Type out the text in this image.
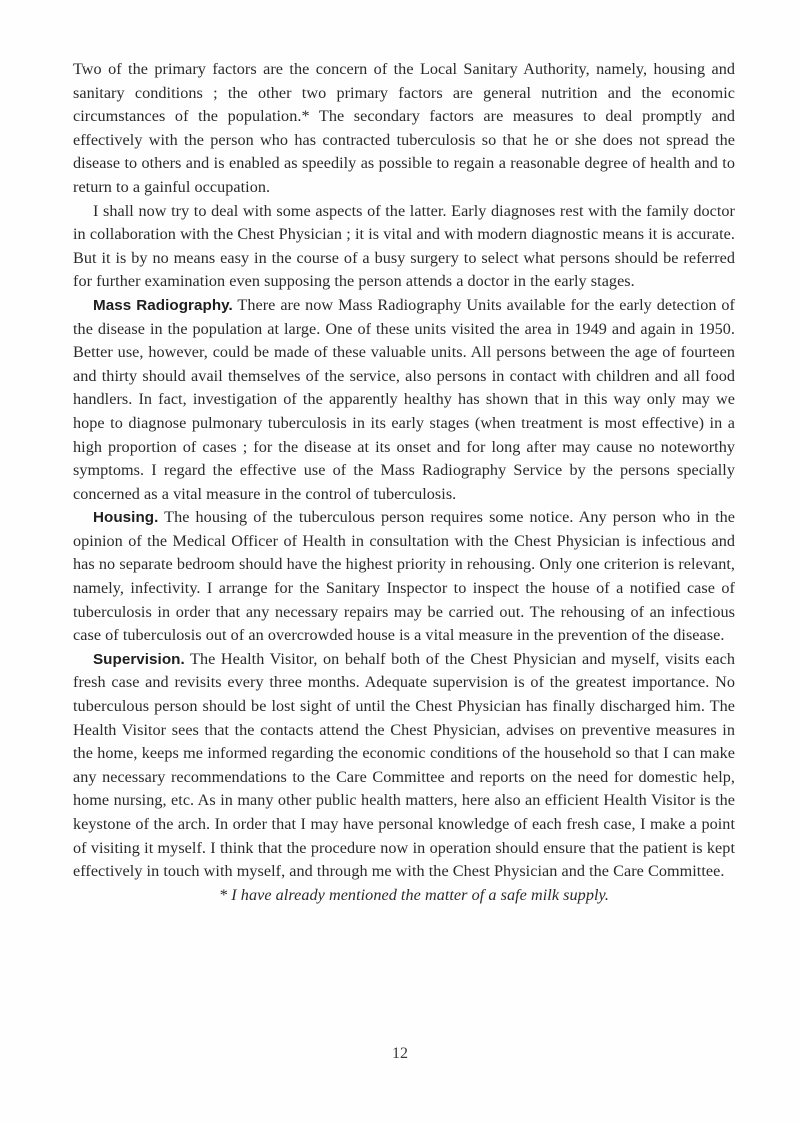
Two of the primary factors are the concern of the Local Sanitary Authority, namely, housing and sanitary conditions ; the other two primary factors are general nutrition and the economic circumstances of the population.* The secondary factors are measures to deal promptly and effectively with the person who has contracted tuberculosis so that he or she does not spread the disease to others and is enabled as speedily as possible to regain a reasonable degree of health and to return to a gainful occupation.

I shall now try to deal with some aspects of the latter. Early diagnoses rest with the family doctor in collaboration with the Chest Physician ; it is vital and with modern diagnostic means it is accurate. But it is by no means easy in the course of a busy surgery to select what persons should be referred for further examination even supposing the person attends a doctor in the early stages.

Mass Radiography. There are now Mass Radiography Units available for the early detection of the disease in the population at large. One of these units visited the area in 1949 and again in 1950. Better use, however, could be made of these valuable units. All persons between the age of fourteen and thirty should avail themselves of the service, also persons in contact with children and all food handlers. In fact, investigation of the apparently healthy has shown that in this way only may we hope to diagnose pulmonary tuberculosis in its early stages (when treatment is most effective) in a high proportion of cases ; for the disease at its onset and for long after may cause no noteworthy symptoms. I regard the effective use of the Mass Radiography Service by the persons specially concerned as a vital measure in the control of tuberculosis.

Housing. The housing of the tuberculous person requires some notice. Any person who in the opinion of the Medical Officer of Health in consultation with the Chest Physician is infectious and has no separate bedroom should have the highest priority in rehousing. Only one criterion is relevant, namely, infectivity. I arrange for the Sanitary Inspector to inspect the house of a notified case of tuberculosis in order that any necessary repairs may be carried out. The rehousing of an infectious case of tuberculosis out of an overcrowded house is a vital measure in the prevention of the disease.

Supervision. The Health Visitor, on behalf both of the Chest Physician and myself, visits each fresh case and revisits every three months. Adequate supervision is of the greatest importance. No tuberculous person should be lost sight of until the Chest Physician has finally discharged him. The Health Visitor sees that the contacts attend the Chest Physician, advises on preventive measures in the home, keeps me informed regarding the economic conditions of the household so that I can make any necessary recommendations to the Care Committee and reports on the need for domestic help, home nursing, etc. As in many other public health matters, here also an efficient Health Visitor is the keystone of the arch. In order that I may have personal knowledge of each fresh case, I make a point of visiting it myself. I think that the procedure now in operation should ensure that the patient is kept effectively in touch with myself, and through me with the Chest Physician and the Care Committee.

* I have already mentioned the matter of a safe milk supply.

12
